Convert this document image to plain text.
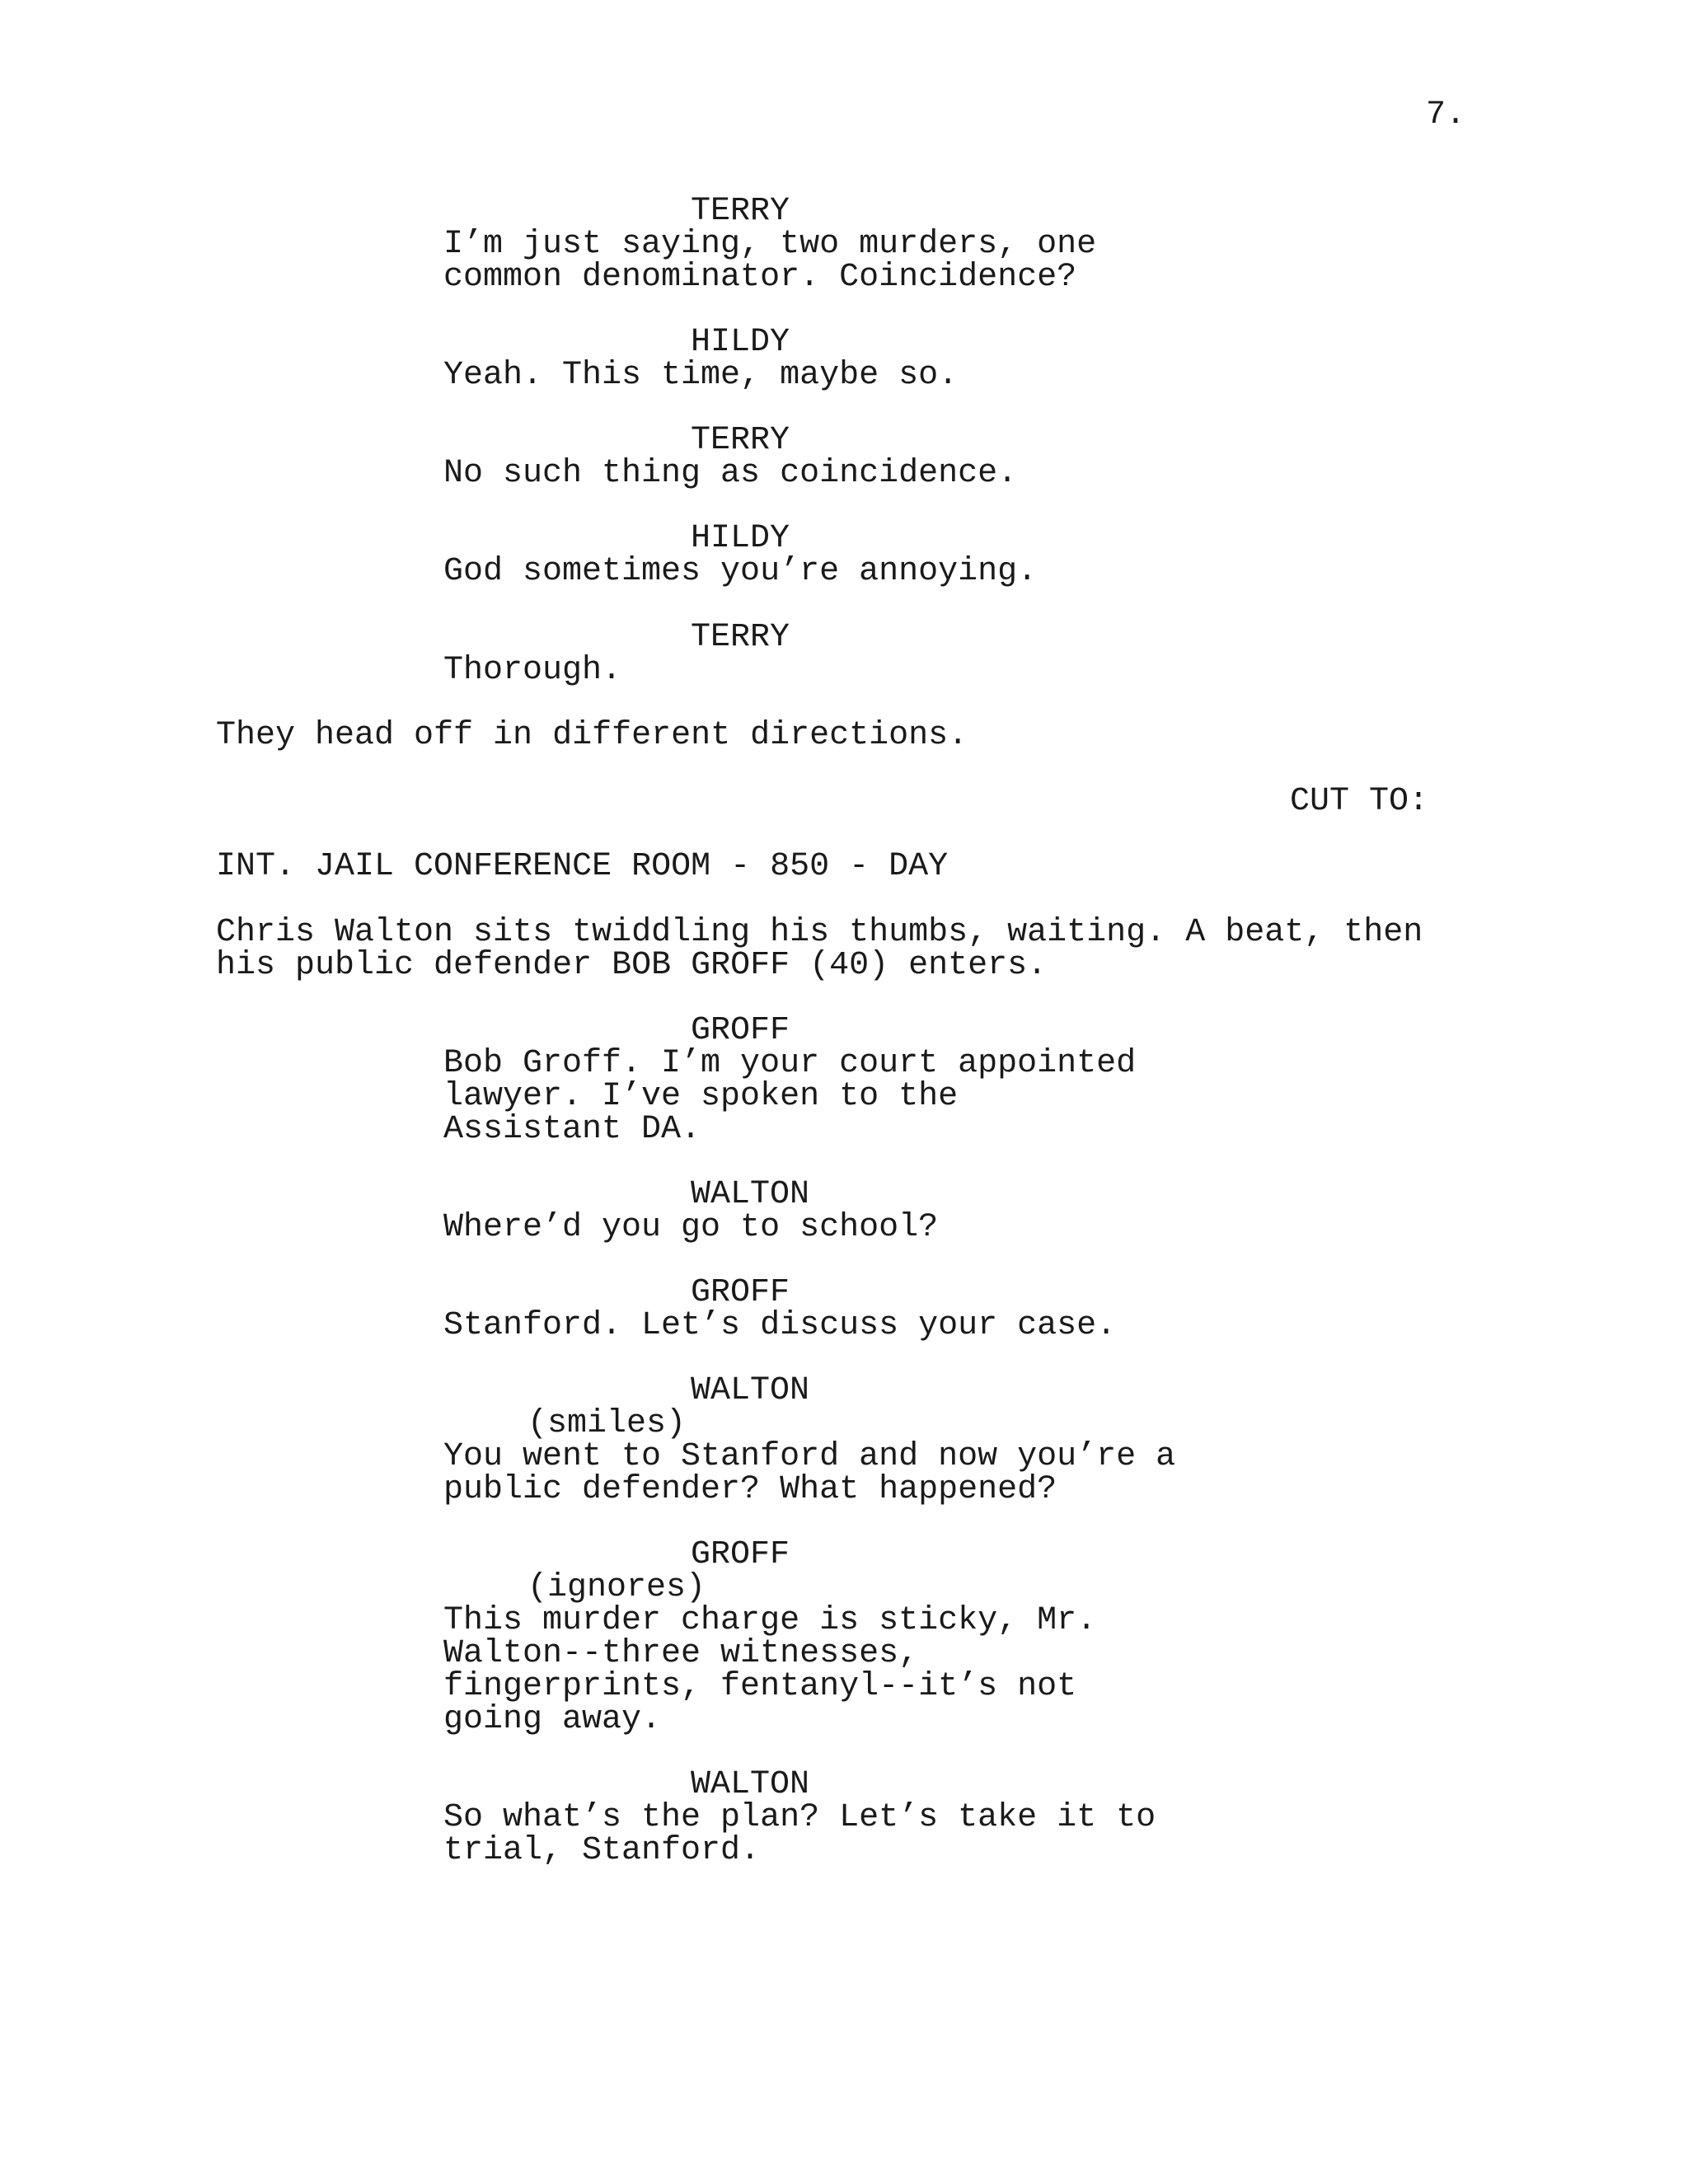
7.
TERRY
I’m just saying, two murders, one
common denominator. Coincidence?
HILDY
Yeah. This time, maybe so.
TERRY
No such thing as coincidence.
HILDY
God sometimes you’re annoying.
TERRY
Thorough.
They head off in different directions.
CUT TO:
INT. JAIL CONFERENCE ROOM - 850 - DAY
Chris Walton sits twiddling his thumbs, waiting. A beat, then
his public defender BOB GROFF (40) enters.
GROFF
Bob Groff. I’m your court appointed
lawyer. I’ve spoken to the
Assistant DA.
WALTON
Where’d you go to school?
GROFF
Stanford. Let’s discuss your case.
WALTON
(smiles)
You went to Stanford and now you’re a
public defender? What happened?
GROFF
(ignores)
This murder charge is sticky, Mr.
Walton--three witnesses,
fingerprints, fentanyl--it’s not
going away.
WALTON
So what’s the plan? Let’s take it to
trial, Stanford.
